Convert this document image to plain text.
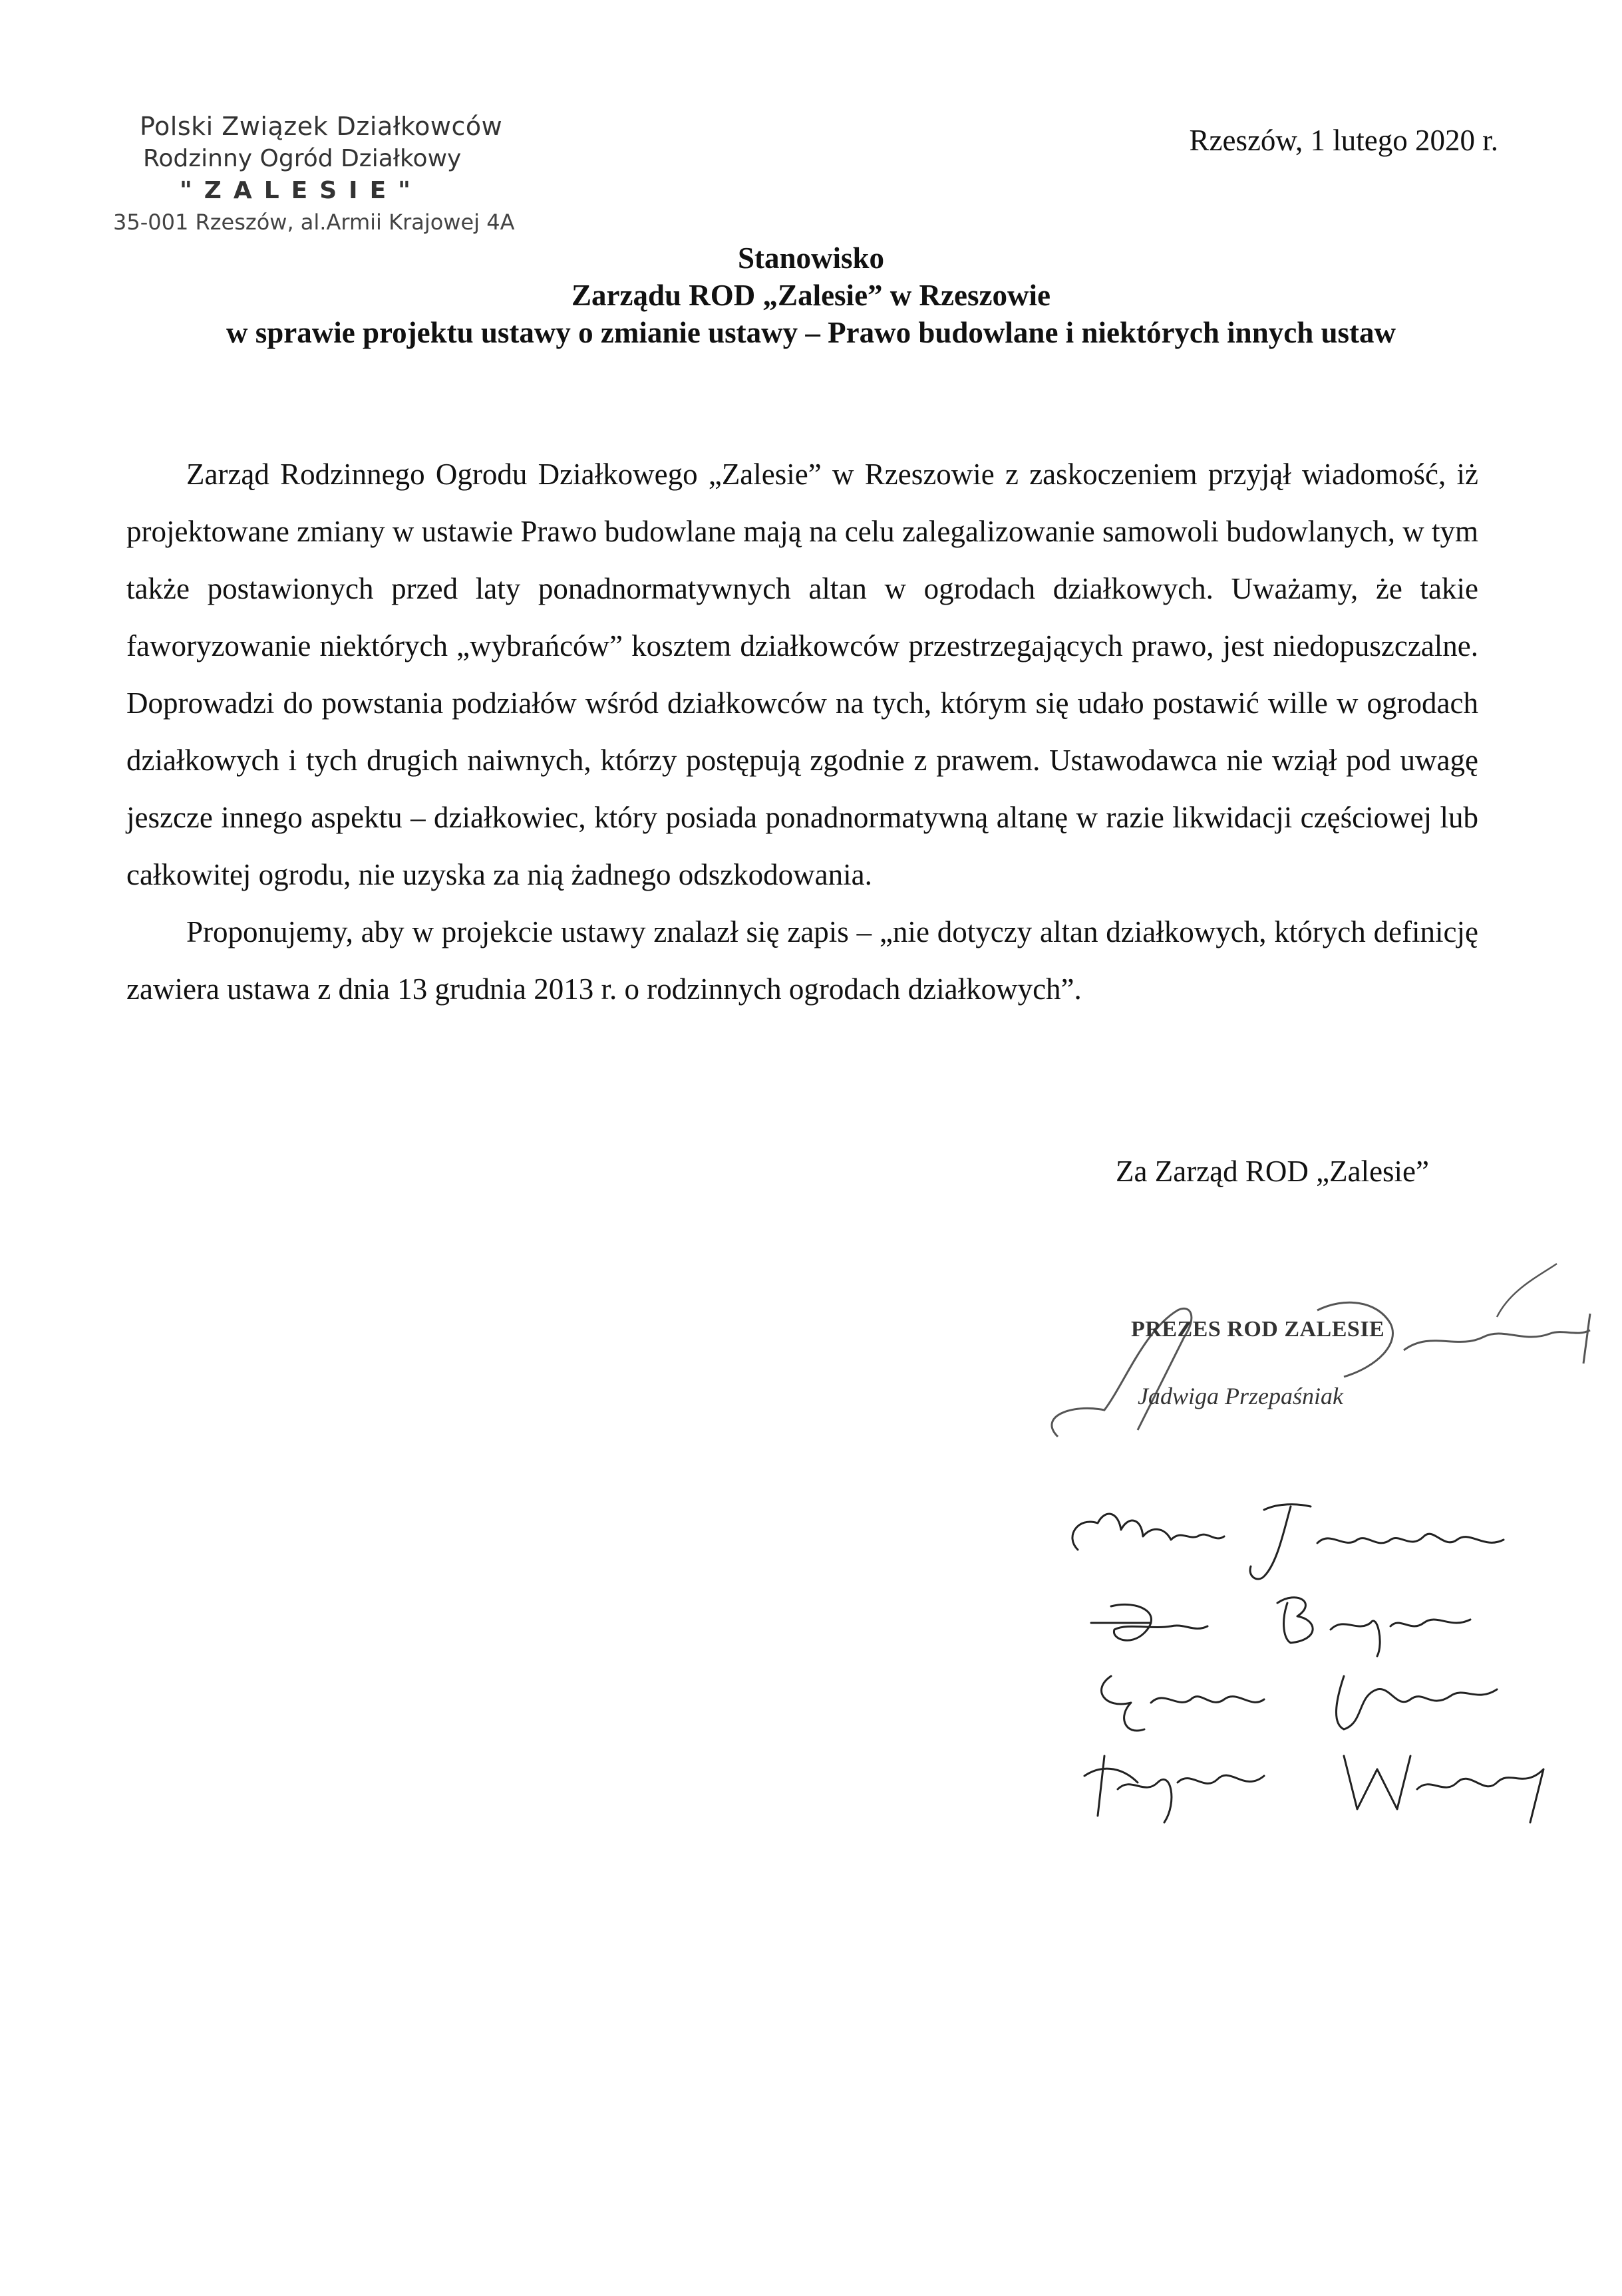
Polski Związek Działkowców
Rodzinny Ogród Działkowy
"ZALESIE"
35-001 Rzeszów, al.Armii Krajowej 4A
Rzeszów, 1 lutego 2020 r.
Stanowisko
Zarządu ROD „Zalesie” w Rzeszowie
w sprawie projektu ustawy o zmianie ustawy – Prawo budowlane i niektórych innych ustaw

Zarząd Rodzinnego Ogrodu Działkowego „Zalesie” w Rzeszowie z zaskoczeniem przyjął wiadomość, iż projektowane zmiany w ustawie Prawo budowlane mają na celu zalegalizowanie samowoli budowlanych, w tym także postawionych przed laty ponadnormatywnych altan w ogrodach działkowych. Uważamy, że takie faworyzowanie niektórych „wybrańców” kosztem działkowców przestrzegających prawo, jest niedopuszczalne. Doprowadzi do powstania podziałów wśród działkowców na tych, którym się udało postawić wille w ogrodach działkowych i tych drugich naiwnych, którzy postępują zgodnie z prawem. Ustawodawca nie wziął pod uwagę jeszcze innego aspektu – działkowiec, który posiada ponadnormatywną altanę w razie likwidacji częściowej lub całkowitej ogrodu, nie uzyska za nią żadnego odszkodowania.

Proponujemy, aby w projekcie ustawy znalazł się zapis – „nie dotyczy altan działkowych, których definicję zawiera ustawa z dnia 13 grudnia 2013 r. o rodzinnych ogrodach działkowych”.

Za Zarząd ROD „Zalesie”
PREZES ROD ZALESIE
Jadwiga Przepaśniak
